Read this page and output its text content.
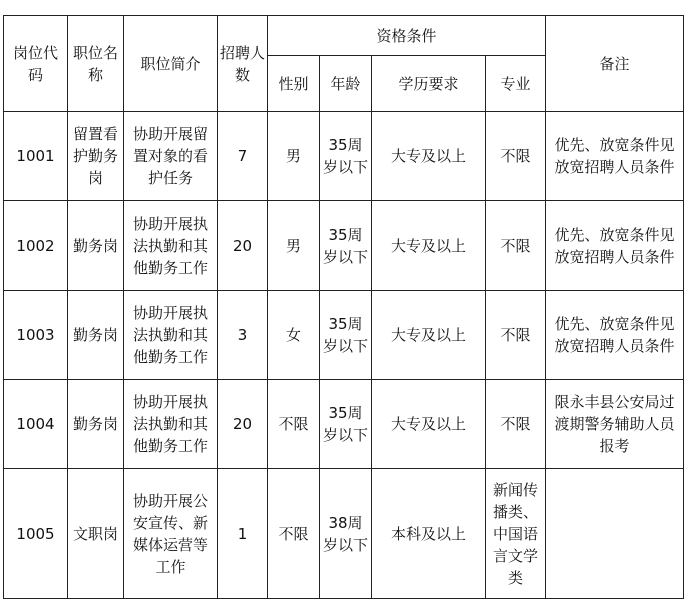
岗位代码	职位名称	职位简介	招聘人数	资格条件				备注
				性别	年龄	学历要求	专业	
1001	留置看护勤务岗	协助开展留置对象的看护任务	7	男	35周岁以下	大专及以上	不限	优先、放宽条件见放宽招聘人员条件
1002	勤务岗	协助开展执法执勤和其他勤务工作	20	男	35周岁以下	大专及以上	不限	优先、放宽条件见放宽招聘人员条件
1003	勤务岗	协助开展执法执勤和其他勤务工作	3	女	35周岁以下	大专及以上	不限	优先、放宽条件见放宽招聘人员条件
1004	勤务岗	协助开展执法执勤和其他勤务工作	20	不限	35周岁以下	大专及以上	不限	限永丰县公安局过渡期警务辅助人员报考
1005	文职岗	协助开展公安宣传、新媒体运营等工作	1	不限	38周岁以下	本科及以上	新闻传播类、中国语言文学类	
